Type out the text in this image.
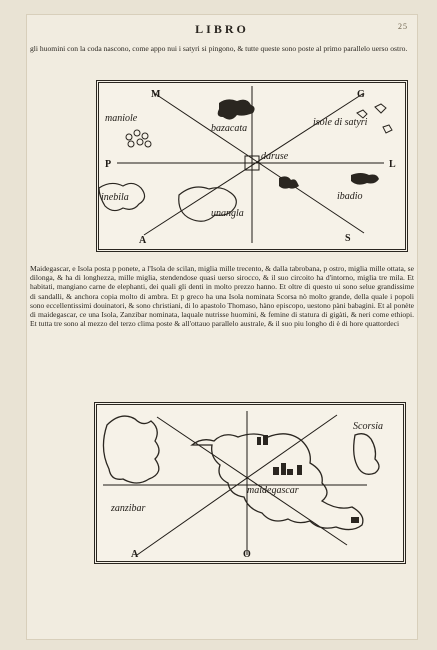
LIBRO	25

gli huomini con la coda nascono, come appo nui i satyri si pingono, & tutte queste sono poste al primo parallelo uerso ostro.

M	G
P	L
A	S
maniole
bazacata
isole di satyri
daruse
inebila
unangla
ibadio

Maidegascar, e Isola posta p ponete, a l'Isola de scilan, miglia mille trecento, & dalla tabrobana, p ostro, miglia mille ottata, se dilonga, & ha di longhezza, mille miglia, stendendose quasi uerso sirocco, & il suo circoito ha d'intorno, miglia tre mila. Et habitati, mangiano carne de elephanti, dei quali gli denti in molto prezzo hanno. Et oltre di questo ui sono selue grandissime di sandalli, & anchora copia molto di ambra. Et p greco ha una Isola nominata Scorsa nò molto grande, della quale i popoli sono eccellentissimi douinatori, & sono christiani, di lo apastolo Thomaso, hàno episcopo, uestono pàni babagini. Et al ponète di maidegascar, ce una Isola, Zanzibar nominata, laquale nutrisse huomini, & femine di statura di gigàti, & neri come ethiopi. Et tutta tre sono al mezzo del terzo clima poste & all'ottauo parallelo australe, & il suo piu longho di è di hore quattordeci

A	O
Scorsia
maidegascar
zanzibar
